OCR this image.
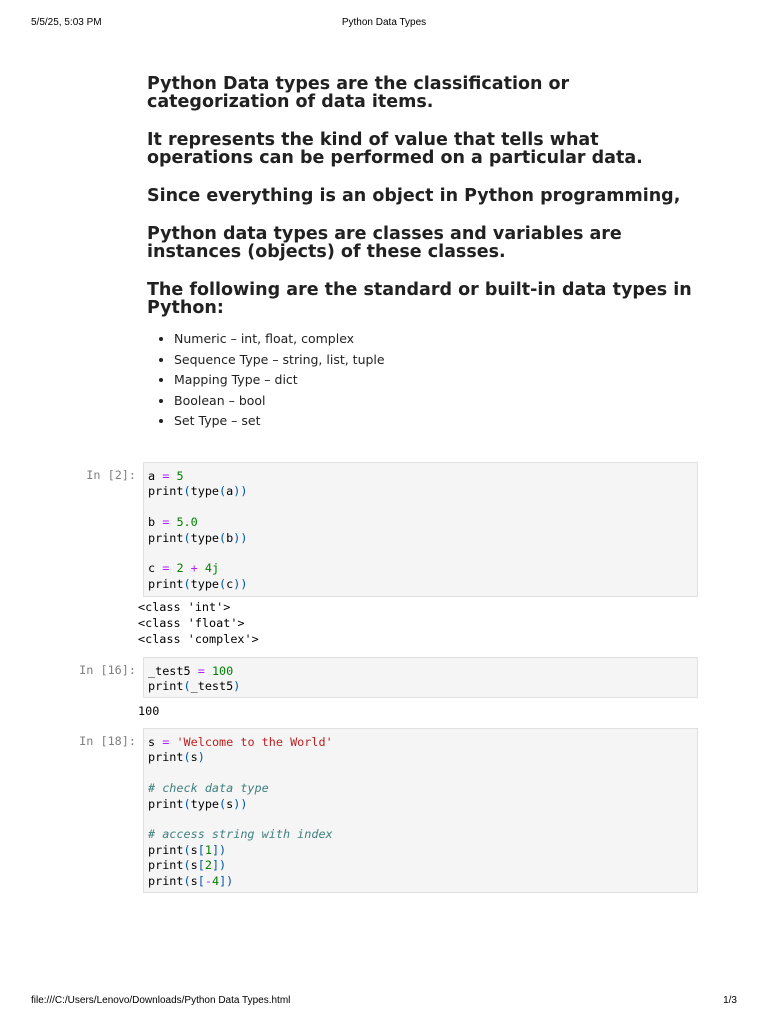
5/5/25, 5:03 PM	Python Data Types
Python Data types are the classification or categorization of data items.
It represents the kind of value that tells what operations can be performed on a particular data.
Since everything is an object in Python programming,
Python data types are classes and variables are instances (objects) of these classes.
The following are the standard or built-in data types in Python:
• Numeric – int, float, complex
• Sequence Type – string, list, tuple
• Mapping Type – dict
• Boolean – bool
• Set Type – set
In [2]: a = 5
print(type(a))
b = 5.0
print(type(b))
c = 2 + 4j
print(type(c))
<class 'int'>
<class 'float'>
<class 'complex'>
In [16]: _test5 = 100
print(_test5)
100
In [18]: s = 'Welcome to the World'
print(s)
# check data type
print(type(s))
# access string with index
print(s[1])
print(s[2])
print(s[-4])
file:///C:/Users/Lenovo/Downloads/Python Data Types.html	1/3
